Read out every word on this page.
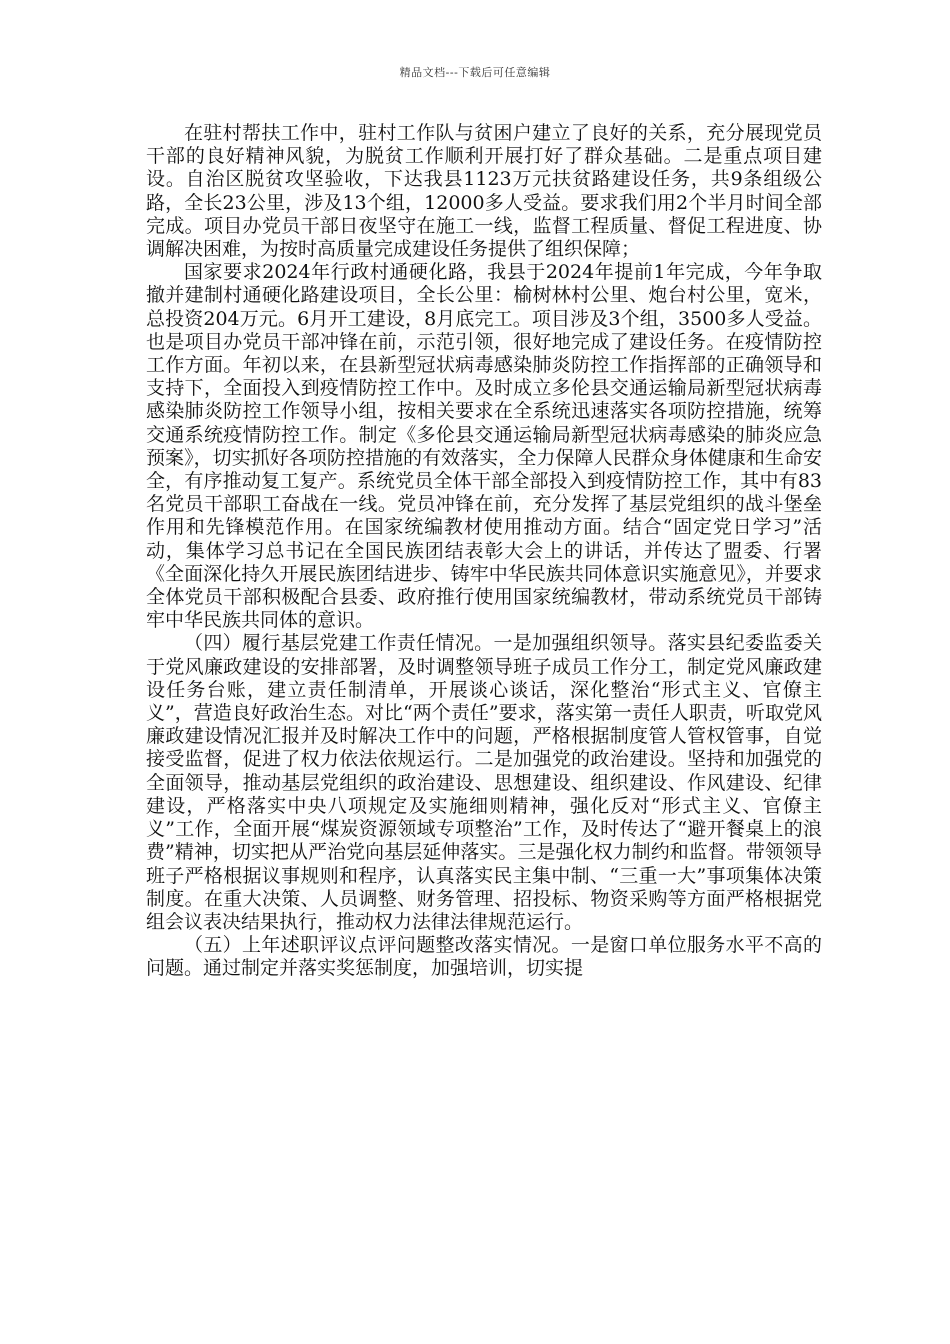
精品文档---下载后可任意编辑

在驻村帮扶工作中，驻村工作队与贫困户建立了良好的关系，充分展现党员干部的良好精神风貌，为脱贫工作顺利开展打好了群众基础。二是重点项目建设。自治区脱贫攻坚验收，下达我县1123万元扶贫路建设任务，共9条组级公路，全长23公里，涉及13个组，12000多人受益。要求我们用2个半月时间全部完成。项目办党员干部日夜坚守在施工一线，监督工程质量、督促工程进度、协调解决困难，为按时高质量完成建设任务提供了组织保障；

国家要求2024年行政村通硬化路，我县于2024年提前1年完成，今年争取撤并建制村通硬化路建设项目，全长公里：榆树林村公里、炮台村公里，宽米，总投资204万元。6月开工建设，8月底完工。项目涉及3个组，3500多人受益。也是项目办党员干部冲锋在前，示范引领，很好地完成了建设任务。在疫情防控工作方面。年初以来，在县新型冠状病毒感染肺炎防控工作指挥部的正确领导和支持下，全面投入到疫情防控工作中。及时成立多伦县交通运输局新型冠状病毒感染肺炎防控工作领导小组，按相关要求在全系统迅速落实各项防控措施，统筹交通系统疫情防控工作。制定《多伦县交通运输局新型冠状病毒感染的肺炎应急预案》，切实抓好各项防控措施的有效落实，全力保障人民群众身体健康和生命安全，有序推动复工复产。系统党员全体干部全部投入到疫情防控工作，其中有83名党员干部职工奋战在一线。党员冲锋在前，充分发挥了基层党组织的战斗堡垒作用和先锋模范作用。在国家统编教材使用推动方面。结合“固定党日学习”活动，集体学习总书记在全国民族团结表彰大会上的讲话，并传达了盟委、行署《全面深化持久开展民族团结进步、铸牢中华民族共同体意识实施意见》，并要求全体党员干部积极配合县委、政府推行使用国家统编教材，带动系统党员干部铸牢中华民族共同体的意识。

（四）履行基层党建工作责任情况。一是加强组织领导。落实县纪委监委关于党风廉政建设的安排部署，及时调整领导班子成员工作分工，制定党风廉政建设任务台账，建立责任制清单，开展谈心谈话，深化整治“形式主义、官僚主义”，营造良好政治生态。对比“两个责任”要求，落实第一责任人职责，听取党风廉政建设情况汇报并及时解决工作中的问题，严格根据制度管人管权管事，自觉接受监督，促进了权力依法依规运行。二是加强党的政治建设。坚持和加强党的全面领导，推动基层党组织的政治建设、思想建设、组织建设、作风建设、纪律建设，严格落实中央八项规定及实施细则精神，强化反对“形式主义、官僚主义”工作，全面开展“煤炭资源领域专项整治”工作，及时传达了“避开餐桌上的浪费”精神，切实把从严治党向基层延伸落实。三是强化权力制约和监督。带领领导班子严格根据议事规则和程序，认真落实民主集中制、“三重一大”事项集体决策制度。在重大决策、人员调整、财务管理、招投标、物资采购等方面严格根据党组会议表决结果执行，推动权力法律法律规范运行。

（五）上年述职评议点评问题整改落实情况。一是窗口单位服务水平不高的问题。通过制定并落实奖惩制度，加强培训，切实提
